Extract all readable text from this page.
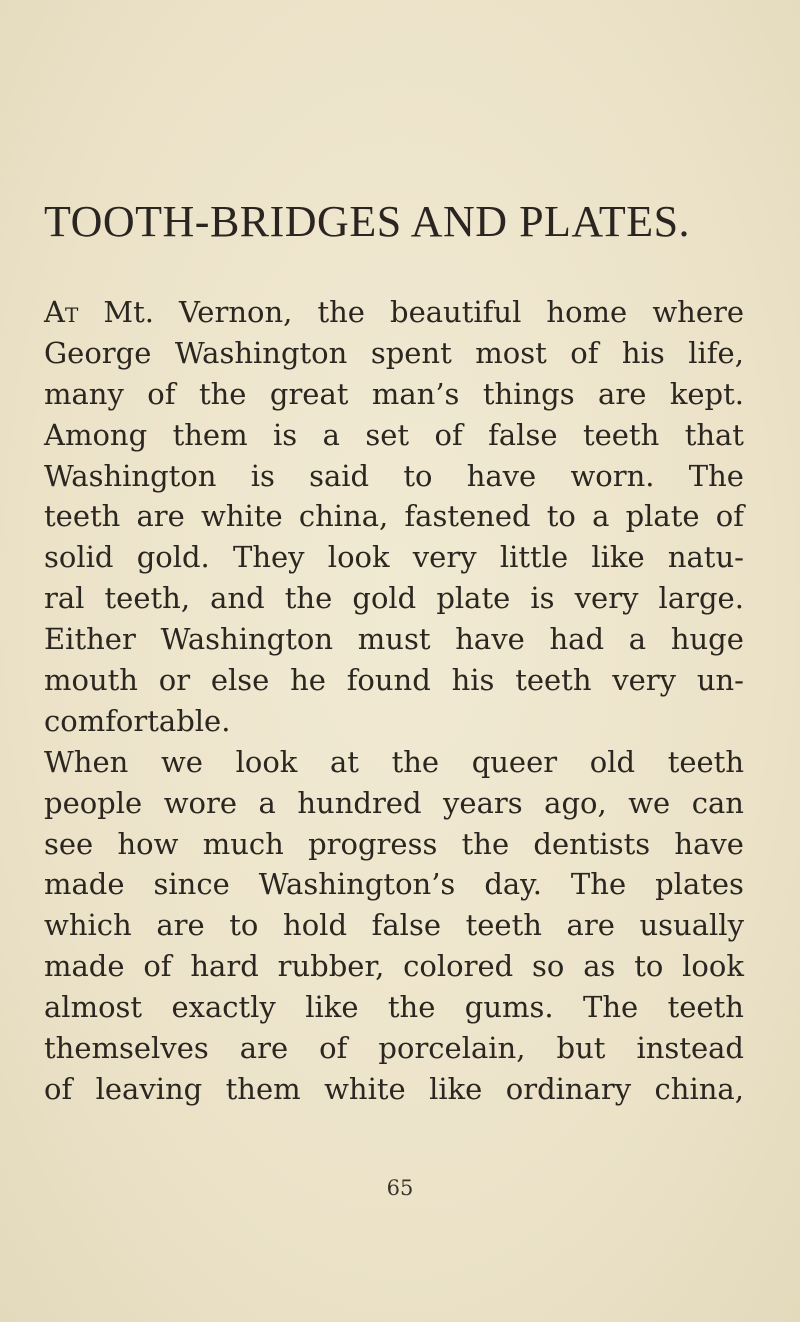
TOOTH-BRIDGES AND PLATES.
At Mt. Vernon, the beautiful home where
George Washington spent most of his life,
many of the great man’s things are kept.
Among them is a set of false teeth that
Washington is said to have worn. The
teeth are white china, fastened to a plate of
solid gold. They look very little like natu-
ral teeth, and the gold plate is very large.
Either Washington must have had a huge
mouth or else he found his teeth very un-
comfortable.
When we look at the queer old teeth
people wore a hundred years ago, we can
see how much progress the dentists have
made since Washington’s day. The plates
which are to hold false teeth are usually
made of hard rubber, colored so as to look
almost exactly like the gums. The teeth
themselves are of porcelain, but instead
of leaving them white like ordinary china,
65
